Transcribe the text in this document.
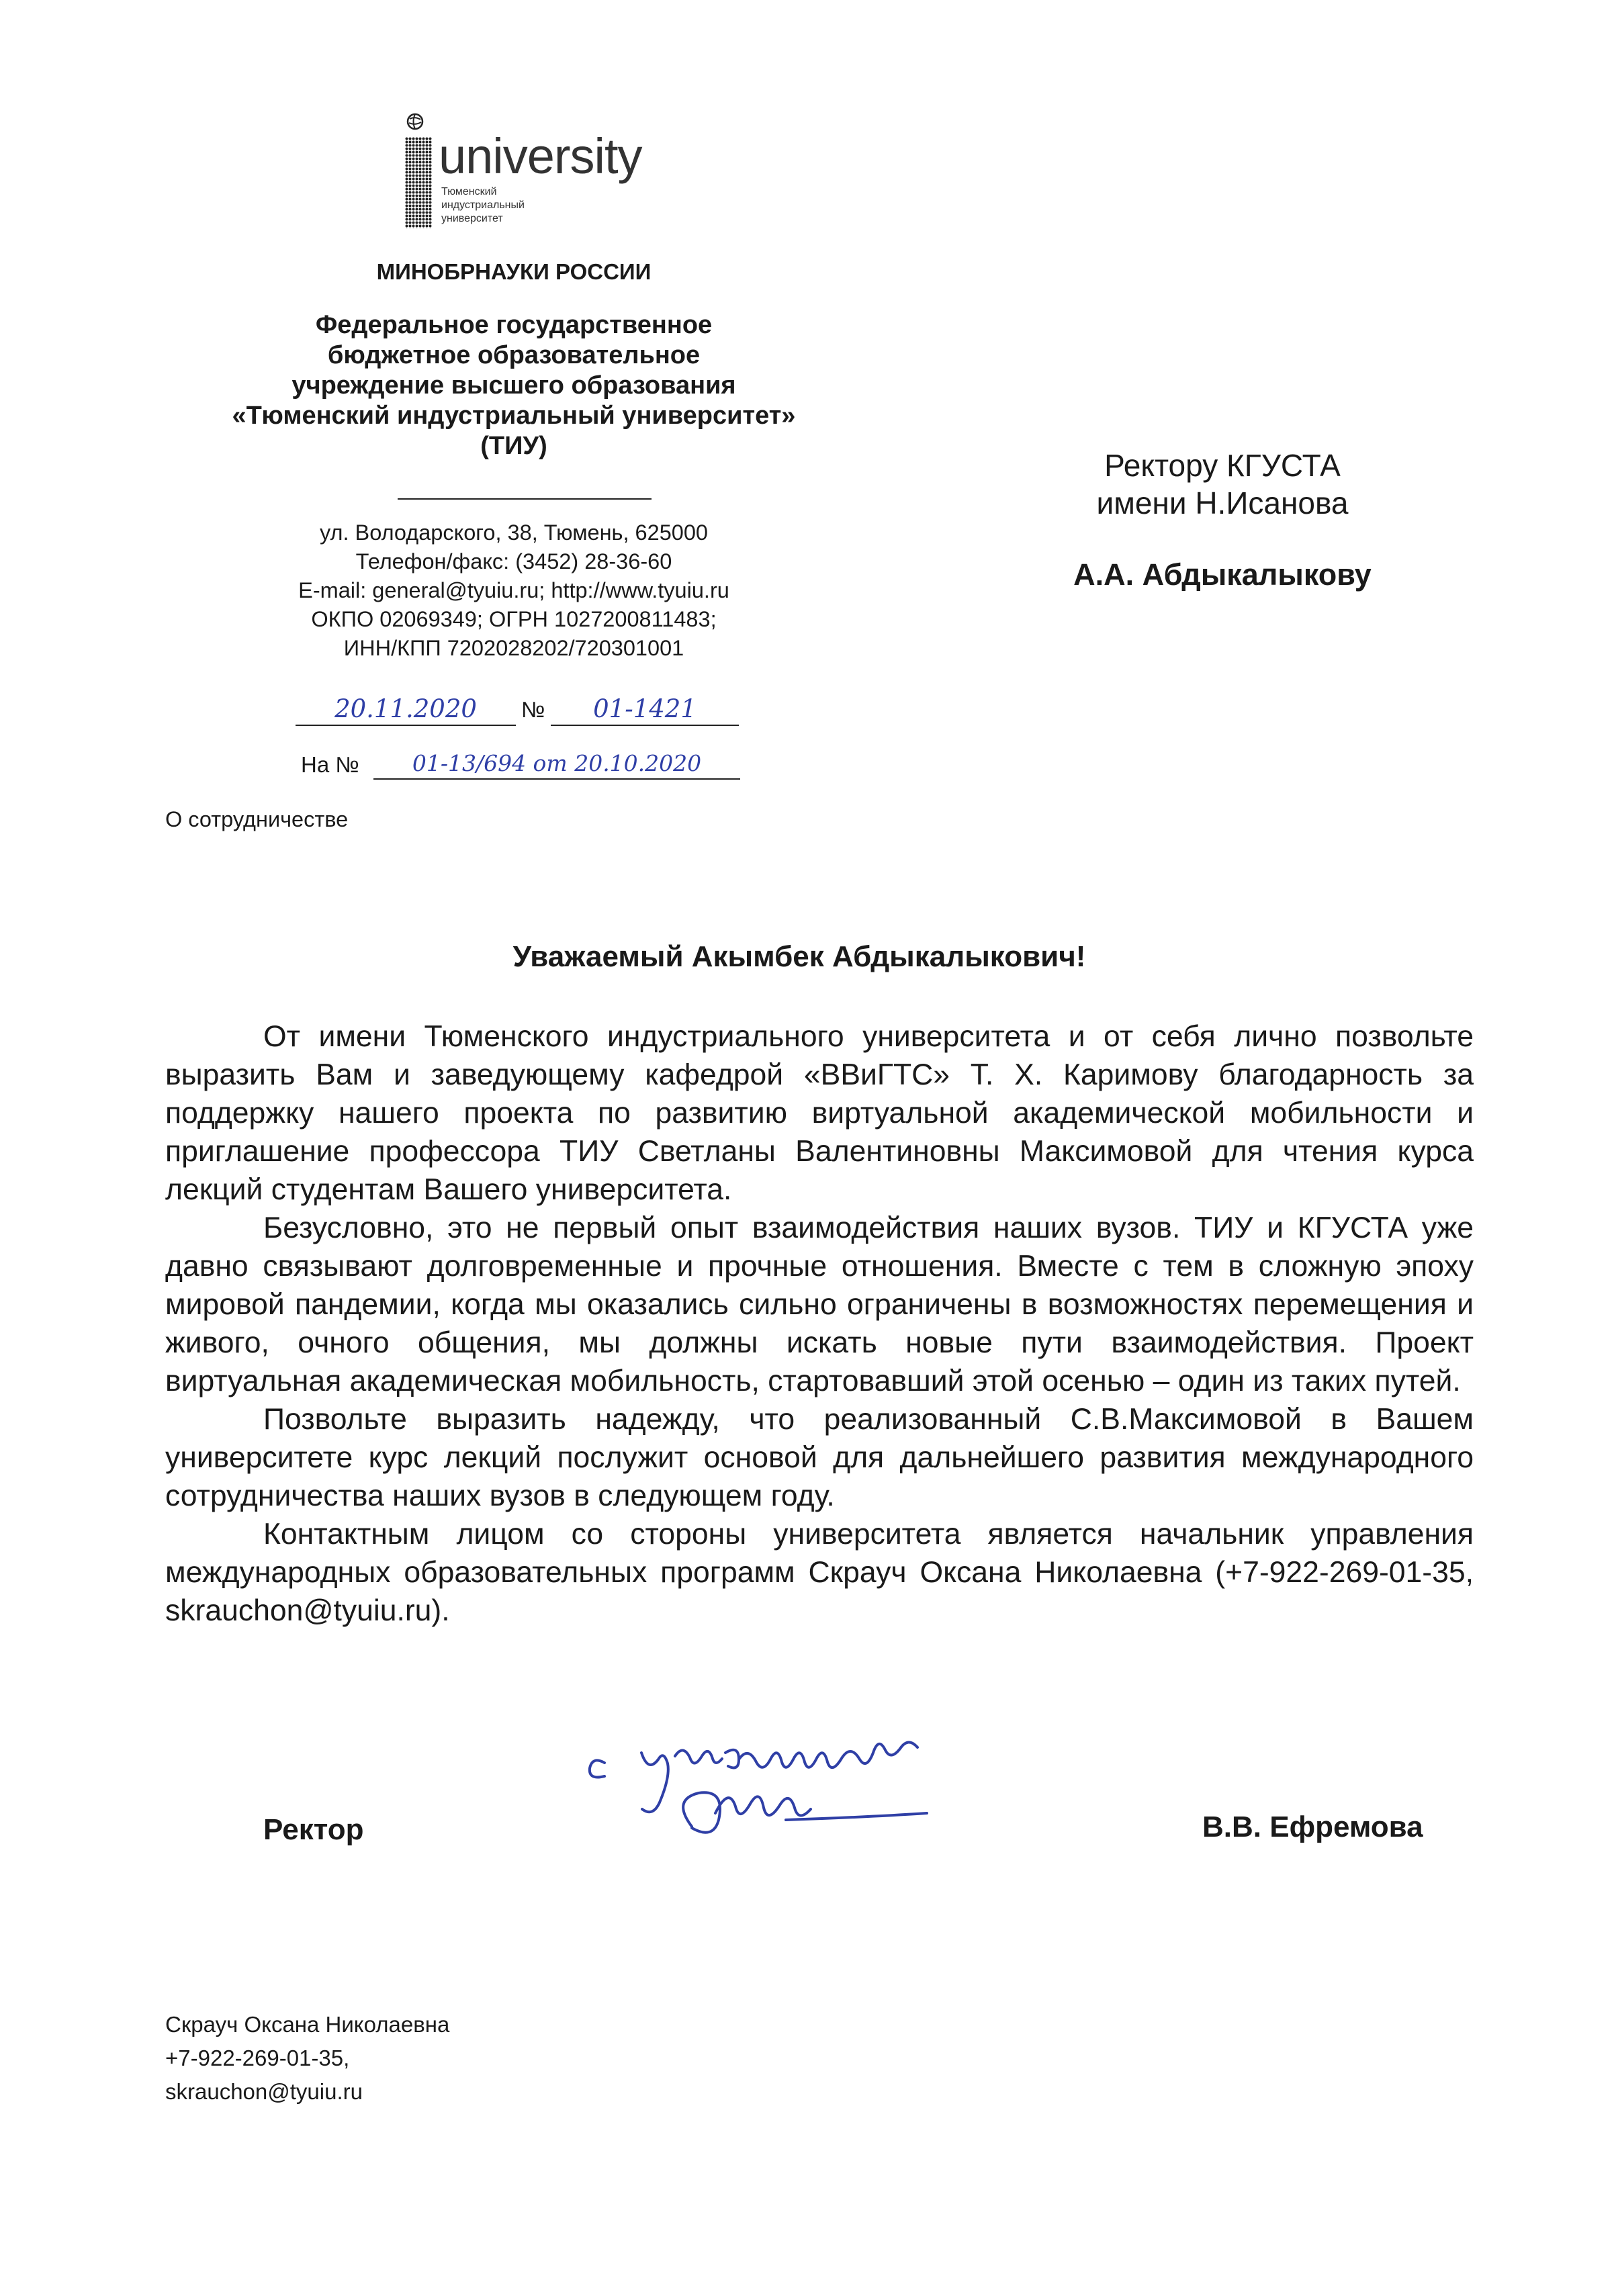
university
Тюменский
индустриальный
университет
МИНОБРНАУКИ РОССИИ
Федеральное государственное
бюджетное образовательное
учреждение высшего образования
«Тюменский индустриальный университет»
(ТИУ)
ул. Володарского, 38, Тюмень, 625000
Телефон/факс: (3452) 28-36-60
E-mail: general@tyuiu.ru; http://www.tyuiu.ru
ОКПО 02069349; ОГРН 1027200811483;
ИНН/КПП 7202028202/720301001
20.11.2020	№	01-1421
На №	01-13/694 от 20.10.2020
О сотрудничестве
Ректору КГУСТА
имени Н.Исанова
А.А. Абдыкалыкову
Уважаемый Акымбек Абдыкалыкович!

От имени Тюменского индустриального университета и от себя лично позвольте выразить Вам и заведующему кафедрой «ВВиГТС» Т. Х. Каримову благодарность за поддержку нашего проекта по развитию виртуальной академической мобильности и приглашение профессора ТИУ Светланы Валентиновны Максимовой для чтения курса лекций студентам Вашего университета.

Безусловно, это не первый опыт взаимодействия наших вузов. ТИУ и КГУСТА уже давно связывают долговременные и прочные отношения. Вместе с тем в сложную эпоху мировой пандемии, когда мы оказались сильно ограничены в возможностях перемещения и живого, очного общения, мы должны искать новые пути взаимодействия. Проект виртуальная академическая мобильность, стартовавший этой осенью – один из таких путей.

Позвольте выразить надежду, что реализованный С.В.Максимовой в Вашем университете курс лекций послужит основой для дальнейшего развития международного сотрудничества наших вузов в следующем году.

Контактным лицом со стороны университета является начальник управления международных образовательных программ Скрауч Оксана Николаевна (+7-922-269-01-35, skrauchon@tyuiu.ru).

Ректор	В.В. Ефремова
Скрауч Оксана Николаевна
+7-922-269-01-35,
skrauchon@tyuiu.ru
